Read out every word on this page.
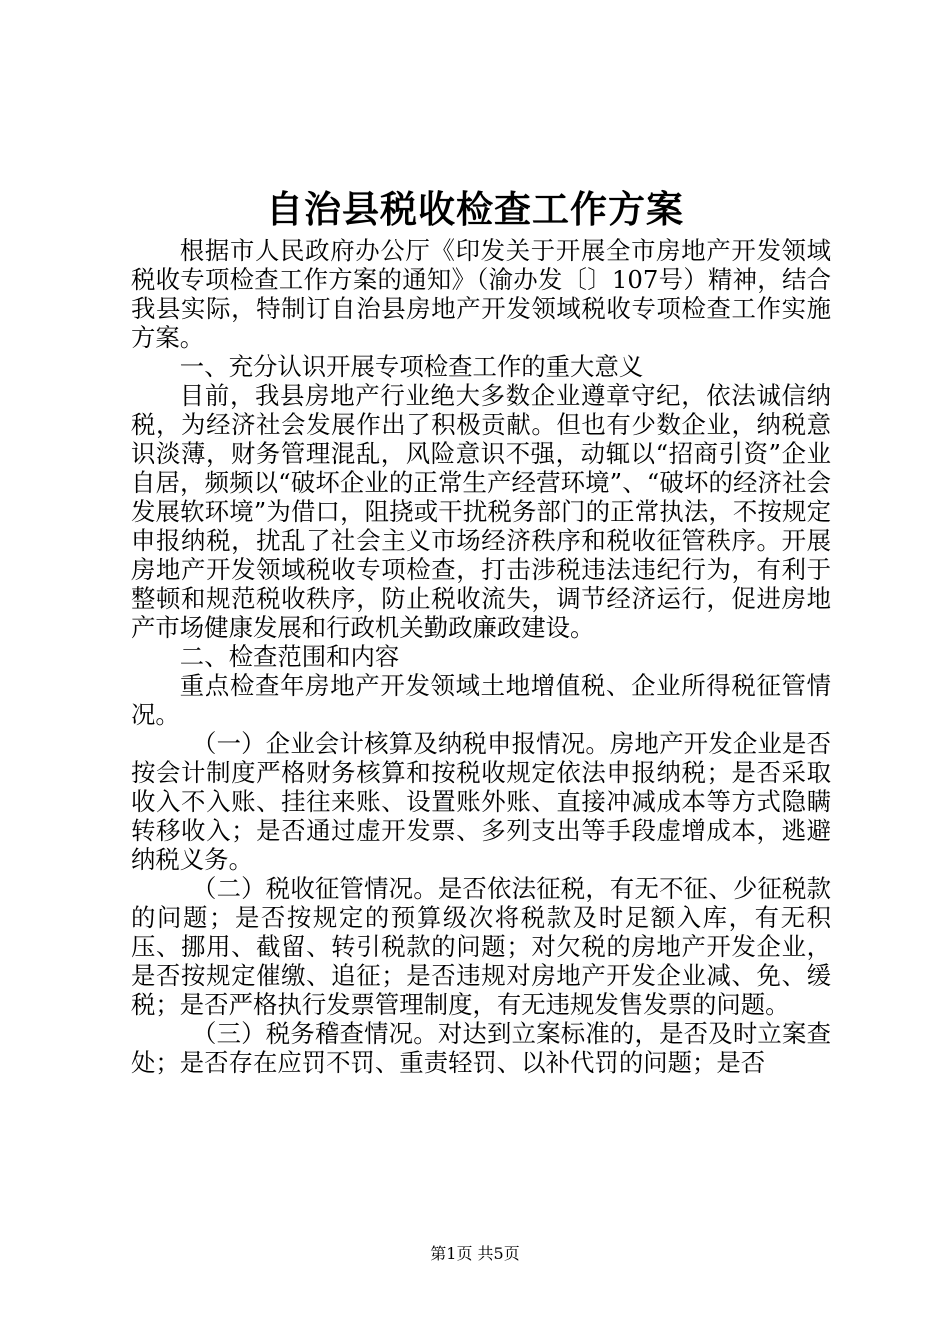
自治县税收检查工作方案

根据市人民政府办公厅《印发关于开展全市房地产开发领域税收专项检查工作方案的通知》（渝办发〔〕107号）精神，结合我县实际，特制订自治县房地产开发领域税收专项检查工作实施方案。

一、充分认识开展专项检查工作的重大意义

目前，我县房地产行业绝大多数企业遵章守纪，依法诚信纳税，为经济社会发展作出了积极贡献。但也有少数企业，纳税意识淡薄，财务管理混乱，风险意识不强，动辄以“招商引资”企业自居，频频以“破坏企业的正常生产经营环境”、“破坏的经济社会发展软环境”为借口，阻挠或干扰税务部门的正常执法，不按规定申报纳税，扰乱了社会主义市场经济秩序和税收征管秩序。开展房地产开发领域税收专项检查，打击涉税违法违纪行为，有利于整顿和规范税收秩序，防止税收流失，调节经济运行，促进房地产市场健康发展和行政机关勤政廉政建设。

二、检查范围和内容

重点检查年房地产开发领域土地增值税、企业所得税征管情况。

（一）企业会计核算及纳税申报情况。房地产开发企业是否按会计制度严格财务核算和按税收规定依法申报纳税；是否采取收入不入账、挂往来账、设置账外账、直接冲减成本等方式隐瞒转移收入；是否通过虚开发票、多列支出等手段虚增成本，逃避纳税义务。

（二）税收征管情况。是否依法征税，有无不征、少征税款的问题；是否按规定的预算级次将税款及时足额入库，有无积压、挪用、截留、转引税款的问题；对欠税的房地产开发企业，是否按规定催缴、追征；是否违规对房地产开发企业减、免、缓税；是否严格执行发票管理制度，有无违规发售发票的问题。

（三）税务稽查情况。对达到立案标准的，是否及时立案查处；是否存在应罚不罚、重责轻罚、以补代罚的问题；是否

第1页 共5页
